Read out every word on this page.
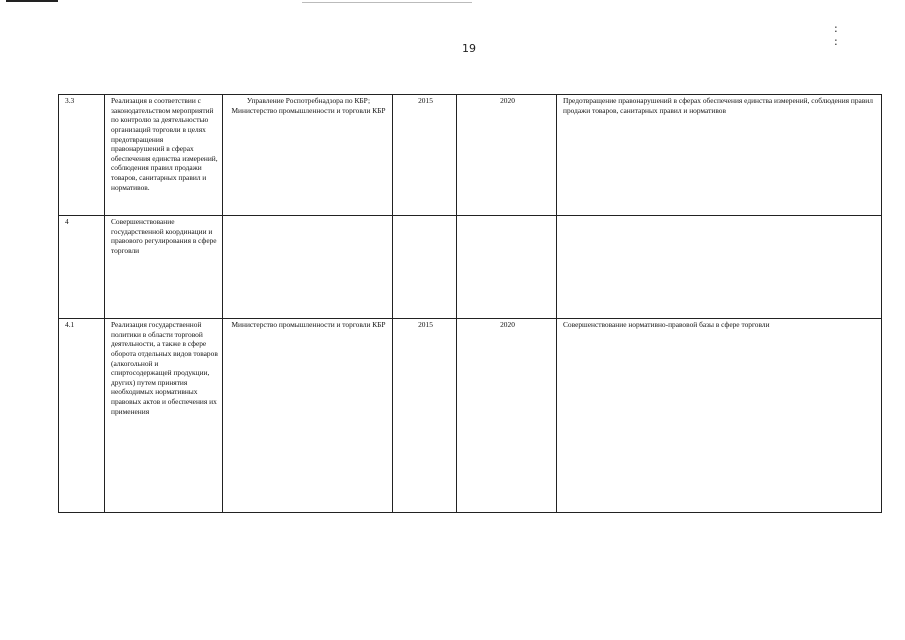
: :
19
3.3	Реализация в соответствии с законодательством мероприятий по контролю за деятельностью организаций торговли в целях предотвращения правонарушений в сферах обеспечения единства измерений, соблюдения правил продажи товаров, санитарных правил и нормативов.	Управление Роспотребнадзора по КБР; Министерство промышленности и торговли КБР	2015	2020	Предотвращение правонарушений в сферах обеспечения единства измерений, соблюдения правил продажи товаров, санитарных правил и нормативов
4	Совершенствование государственной координации и правового регулирования в сфере торговли				
4.1	Реализация государственной политики в области торговой деятельности, а также в сфере оборота отдельных видов товаров (алкогольной и спиртосодержащей продукции, других) путем принятия необходимых нормативных правовых актов и обеспечения их применения	Министерство промышленности и торговли КБР	2015	2020	Совершенствование нормативно-правовой базы в сфере торговли
